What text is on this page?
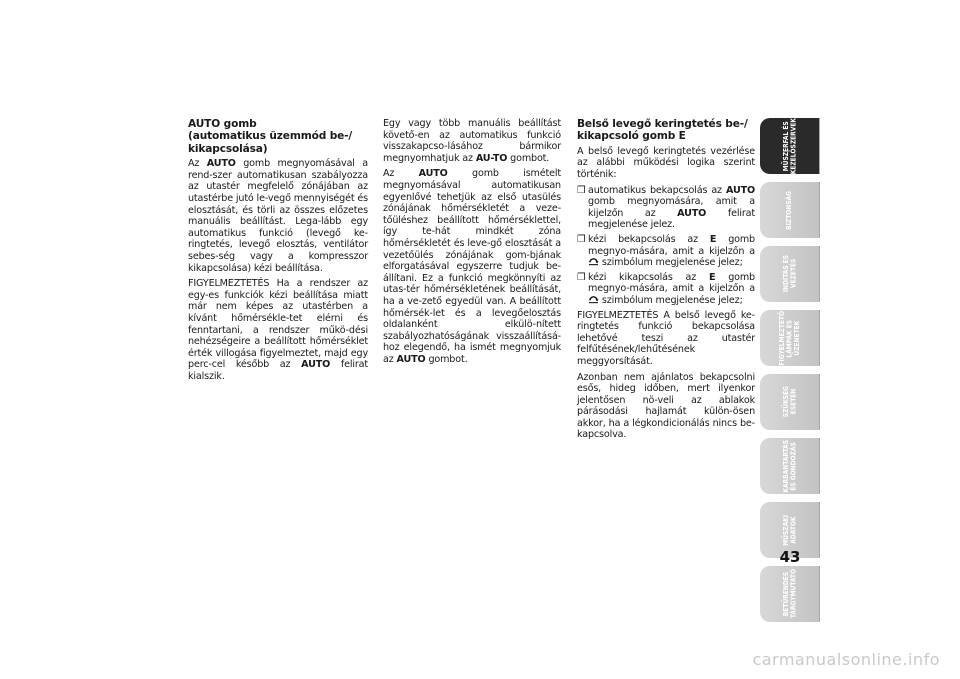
AUTO gomb
(automatikus üzemmód be-/
kikapcsolása)

Az AUTO gomb megnyomásával a rend-szer automatikusan szabályozza az utastér megfelelő zónájában az utastérbe jutó le-vegő mennyiségét és elosztását, és törli az összes előzetes manuális beállítást. Lega-lább egy automatikus funkció (levegő ke-ringtetés, levegő elosztás, ventilátor sebes-ség vagy a kompresszor kikapcsolása) kézi beállítása.

FIGYELMEZTETÉS Ha a rendszer az egy-es funkciók kézi beállítása miatt már nem képes az utastérben a kívánt hőmérsékle-tet elérni és fenntartani, a rendszer műkö-dési nehézségeire a beállított hőmérséklet érték villogása figyelmeztet, majd egy perc-cel később az AUTO felirat kialszik.

Egy vagy több manuális beállítást követő-en az automatikus funkció visszakapcso-lásához bármikor megnyomhatjuk az AU-TO gombot.

Az AUTO gomb ismételt megnyomásával automatikusan egyenlővé tehetjük az első utasülés zónájának hőmérsékletét a veze-tőüléshez beállított hőmérséklettel, így te-hát mindkét zóna hőmérsékletét és leve-gő elosztását a vezetőülés zónájának gom-bjának elforgatásával egyszerre tudjuk be-állítani. Ez a funkció megkönnyíti az utas-tér hőmérsékletének beállítását, ha a ve-zető egyedül van. A beállított hőmérsék-let és a levegőelosztás oldalanként elkülö-nített szabályozhatóságának visszaállításá-hoz elegendő, ha ismét megnyomjuk az AUTO gombot.

Belső levegő keringtetés be-/
kikapcsoló gomb E

A belső levegő keringtetés vezérlése az alábbi működési logika szerint történik:

❒ automatikus bekapcsolás az AUTO gomb megnyomására, amit a kijelzőn az AUTO felirat megjelenése jelez.
❒ kézi bekapcsolás az E gomb megnyo-mására, amit a kijelzőn a  szimbólum megjelenése jelez;
❒ kézi kikapcsolás az E gomb megnyo-mására, amit a kijelzőn a  szimbólum megjelenése jelez;

FIGYELMEZTETÉS A belső levegő ke-ringtetés funkció bekapcsolása lehetővé teszi az utastér felfűtésének/lehűtésének meggyorsítását.

Azonban nem ajánlatos bekapcsolni esős, hideg időben, mert ilyenkor jelentősen nö-veli az ablakok párásodási hajlamát külön-ösen akkor, ha a légkondicionálás nincs be-kapcsolva.

MŰSZERFAL ÉS
KEZELŐSZERVEK
BIZTONSÁG
INDÍTÁS ÉS
VEZETÉS
FIGYELMEZTETŐ
LÁMPÁK ÉS
ÜZENETEK
SZÜKSÉG
ESETÉN
KARBANTARTÁS
ÉS GONDOZÁS
MŰSZAKI
ADATOK
BETŰRENDES
TÁRGYMUTATÓ
43
carmanualsonline.info
